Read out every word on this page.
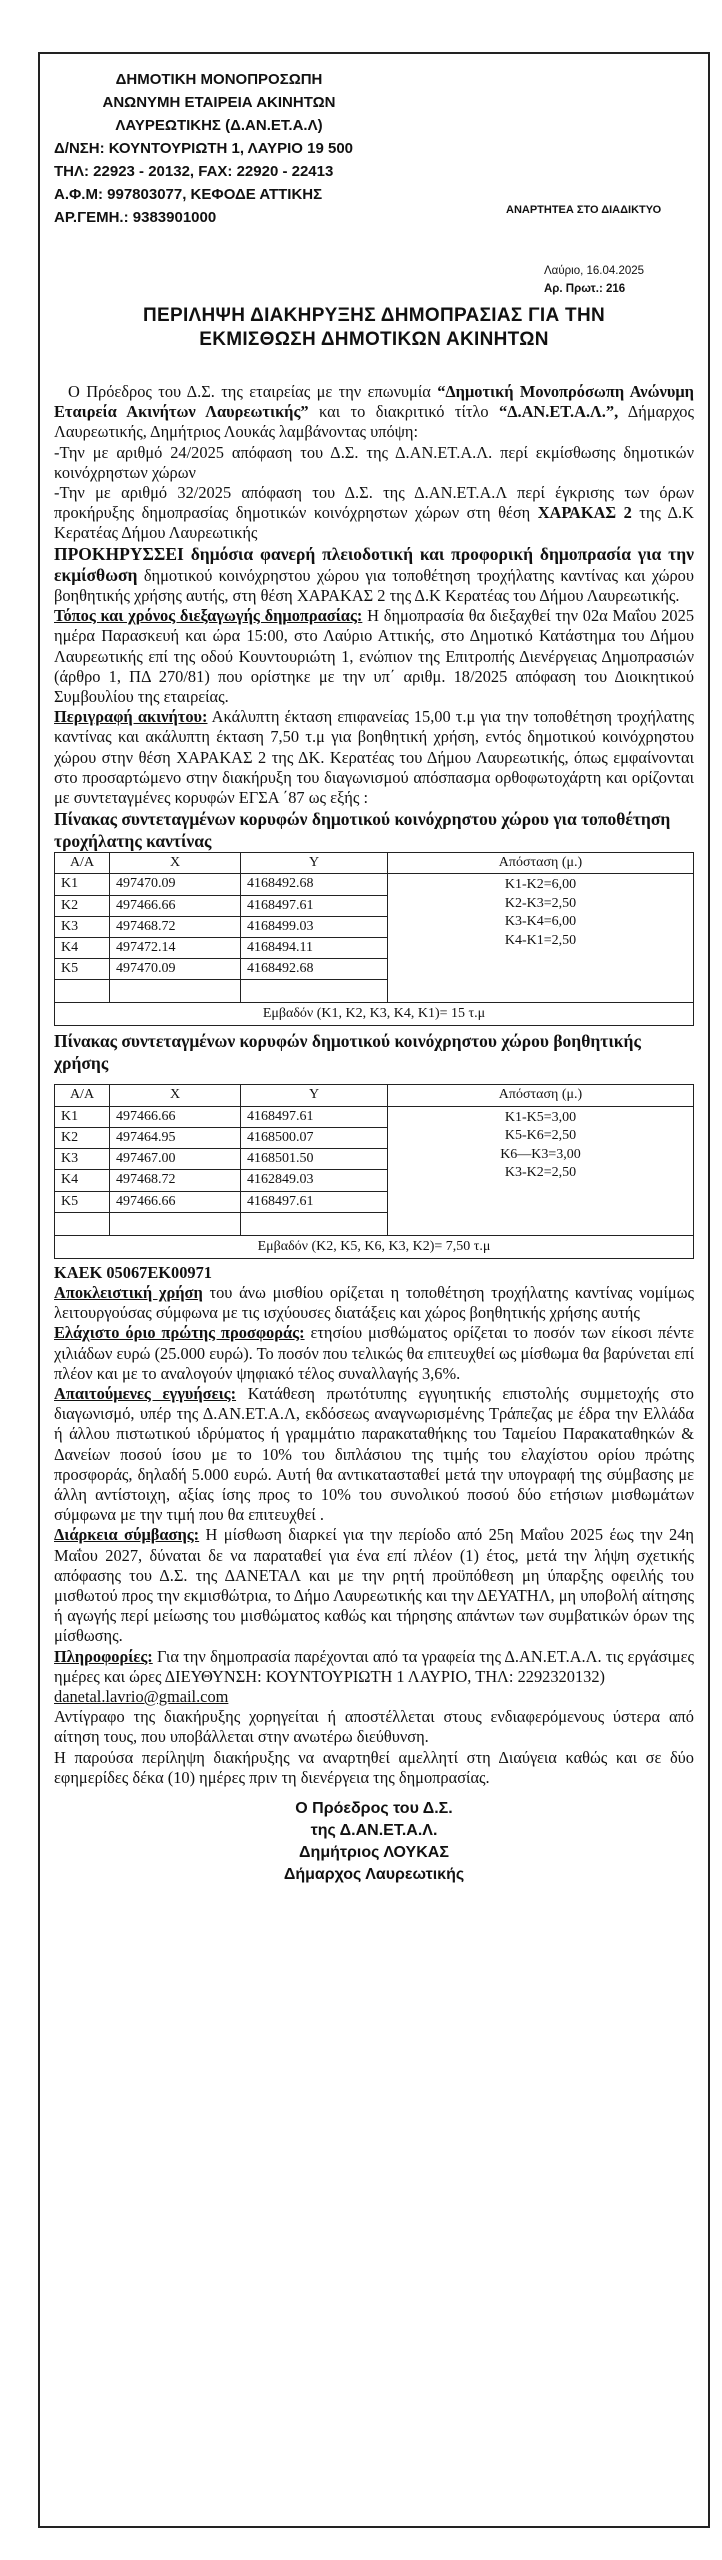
ΔΗΜΟΤΙΚΗ ΜΟΝΟΠΡΟΣΩΠΗ
ΑΝΩΝΥΜΗ ΕΤΑΙΡΕΙΑ ΑΚΙΝΗΤΩΝ
ΛΑΥΡΕΩΤΙΚΗΣ (Δ.ΑΝ.ΕΤ.Α.Λ)
Δ/ΝΣΗ: ΚΟΥΝΤΟΥΡΙΩΤΗ 1, ΛΑΥΡΙΟ 19 500
ΤΗΛ: 22923 - 20132, FAX: 22920 - 22413
Α.Φ.Μ: 997803077, ΚΕΦΟΔΕ ΑΤΤΙΚΗΣ
ΑΡ.ΓΕΜΗ.: 9383901000	ΑΝΑΡΤΗΤΕΑ ΣΤΟ ΔΙΑΔΙΚΤΥΟ
Λαύριο, 16.04.2025
Αρ. Πρωτ.: 216
ΠΕΡΙΛΗΨΗ ΔΙΑΚΗΡΥΞΗΣ ΔΗΜΟΠΡΑΣΙΑΣ ΓΙΑ ΤΗΝ
ΕΚΜΙΣΘΩΣΗ ΔΗΜΟΤΙΚΩΝ ΑΚΙΝΗΤΩΝ

Ο Πρόεδρος του Δ.Σ. της εταιρείας με την επωνυμία “Δημοτική Μονοπρόσωπη Ανώνυμη Εταιρεία Ακινήτων Λαυρεωτικής” και το διακριτικό τίτλο “Δ.ΑΝ.ΕΤ.Α.Λ.”, Δήμαρχος Λαυρεωτικής, Δημήτριος Λουκάς λαμβάνοντας υπόψη:

-Την με αριθμό 24/2025 απόφαση του Δ.Σ. της Δ.ΑΝ.ΕΤ.Α.Λ. περί εκμίσθωσης δημοτικών κοινόχρηστων χώρων

-Την με αριθμό 32/2025 απόφαση του Δ.Σ. της Δ.ΑΝ.ΕΤ.Α.Λ περί έγκρισης των όρων προκήρυξης δημοπρασίας δημοτικών κοινόχρηστων χώρων στη θέση ΧΑΡΑΚΑΣ 2 της Δ.Κ Κερατέας Δήμου Λαυρεωτικής

ΠΡΟΚΗΡΥΣΣΕΙ δημόσια φανερή πλειοδοτική και προφορική δημοπρασία για την εκμίσθωση δημοτικού κοινόχρηστου χώρου για τοποθέτηση τροχήλατης καντίνας και χώρου βοηθητικής χρήσης αυτής, στη θέση ΧΑΡΑΚΑΣ 2 της Δ.Κ Κερατέας του Δήμου Λαυρεωτικής.

Τόπος και χρόνος διεξαγωγής δημοπρασίας: Η δημοπρασία θα διεξαχθεί την 02α Μαΐου 2025 ημέρα Παρασκευή και ώρα 15:00, στο Λαύριο Αττικής, στο Δημοτικό Κατάστημα του Δήμου Λαυρεωτικής επί της οδού Κουντουριώτη 1, ενώπιον της Επιτροπής Διενέργειας Δημοπρασιών (άρθρο 1, ΠΔ 270/81) που ορίστηκε με την υπ΄ αριθμ. 18/2025 απόφαση του Διοικητικού Συμβουλίου της εταιρείας.

Περιγραφή ακινήτου: Ακάλυπτη έκταση επιφανείας 15,00 τ.μ για την τοποθέτηση τροχήλατης καντίνας και ακάλυπτη έκταση 7,50 τ.μ για βοηθητική χρήση, εντός δημοτικού κοινόχρηστου χώρου στην θέση ΧΑΡΑΚΑΣ 2 της ΔΚ. Κερατέας του Δήμου Λαυρεωτικής, όπως εμφαίνονται στο προσαρτώμενο στην διακήρυξη του διαγωνισμού απόσπασμα ορθοφωτοχάρτη και ορίζονται με συντεταγμένες κορυφών ΕΓΣΑ ΄87 ως εξής :

Πίνακας συντεταγμένων κορυφών δημοτικού κοινόχρηστου χώρου για τοποθέτηση τροχήλατης καντίνας

Α/Α	Χ	Υ	Απόσταση (μ.)
Κ1	497470.09	4168492.68	Κ1-Κ2=6,00
Κ2-Κ3=2,50
Κ3-Κ4=6,00
Κ4-Κ1=2,50

Κ2	497466.66	4168497.61	
Κ3	497468.72	4168499.03	
Κ4	497472.14	4168494.11	
Κ5	497470.09	4168492.68	

Εμβαδόν (Κ1, Κ2, Κ3, Κ4, Κ1)= 15 τ.μ			

Πίνακας συντεταγμένων κορυφών δημοτικού κοινόχρηστου χώρου βοηθητικής χρήσης

Α/Α	Χ	Υ	Απόσταση (μ.)
Κ1	497466.66	4168497.61	Κ1-Κ5=3,00
Κ5-Κ6=2,50
Κ6—Κ3=3,00
Κ3-Κ2=2,50

Κ2	497464.95	4168500.07	
Κ3	497467.00	4168501.50	
Κ4	497468.72	4162849.03	
Κ5	497466.66	4168497.61	

Εμβαδόν (Κ2, Κ5, Κ6, Κ3, Κ2)= 7,50 τ.μ			

ΚΑΕΚ 05067ΕΚ00971

Αποκλειστική χρήση του άνω μισθίου ορίζεται η τοποθέτηση τροχήλατης καντίνας νομίμως λειτουργούσας σύμφωνα με τις ισχύουσες διατάξεις και χώρος βοηθητικής χρήσης αυτής

Ελάχιστο όριο πρώτης προσφοράς: ετησίου μισθώματος ορίζεται το ποσόν των είκοσι πέντε χιλιάδων ευρώ (25.000 ευρώ). Το ποσόν που τελικώς θα επιτευχθεί ως μίσθωμα θα βαρύνεται επί πλέον και με το αναλογούν ψηφιακό τέλος συναλλαγής 3,6%.

Απαιτούμενες εγγυήσεις: Κατάθεση πρωτότυπης εγγυητικής επιστολής συμμετοχής στο διαγωνισμό, υπέρ της Δ.ΑΝ.ΕΤ.Α.Λ, εκδόσεως αναγνωρισμένης Τράπεζας με έδρα την Ελλάδα ή άλλου πιστωτικού ιδρύματος ή γραμμάτιο παρακαταθήκης του Ταμείου Παρακαταθηκών & Δανείων ποσού ίσου με το 10% του διπλάσιου της τιμής του ελαχίστου ορίου πρώτης προσφοράς, δηλαδή 5.000 ευρώ. Αυτή θα αντικατασταθεί μετά την υπογραφή της σύμβασης με άλλη αντίστοιχη, αξίας ίσης προς το 10% του συνολικού ποσού δύο ετήσιων μισθωμάτων σύμφωνα με την τιμή που θα επιτευχθεί .

Διάρκεια σύμβασης: Η μίσθωση διαρκεί για την περίοδο από 25η Μαΐου 2025 έως την 24η Μαΐου 2027, δύναται δε να παραταθεί για ένα επί πλέον (1) έτος, μετά την λήψη σχετικής απόφασης του Δ.Σ. της ΔΑΝΕΤΑΛ και με την ρητή προϋπόθεση μη ύπαρξης οφειλής του μισθωτού προς την εκμισθώτρια, το Δήμο Λαυρεωτικής και την ΔΕΥΑΤΗΛ, μη υποβολή αίτησης ή αγωγής περί μείωσης του μισθώματος καθώς και τήρησης απάντων των συμβατικών όρων της μίσθωσης.

Πληροφορίες: Για την δημοπρασία παρέχονται από τα γραφεία της Δ.ΑΝ.ΕΤ.Α.Λ. τις εργάσιμες ημέρες και ώρες ΔΙΕΥΘΥΝΣΗ: ΚΟΥΝΤΟΥΡΙΩΤΗ 1 ΛΑΥΡΙΟ, ΤΗΛ: 2292320132)

danetal.lavrio@gmail.com

Αντίγραφο της διακήρυξης χορηγείται ή αποστέλλεται στους ενδιαφερόμενους ύστερα από αίτηση τους, που υποβάλλεται στην ανωτέρω διεύθυνση.

Η παρούσα περίληψη διακήρυξης να αναρτηθεί αμελλητί στη Διαύγεια καθώς και σε δύο εφημερίδες δέκα (10) ημέρες πριν τη διενέργεια της δημοπρασίας.

Ο Πρόεδρος του Δ.Σ.
της Δ.ΑΝ.ΕΤ.Α.Λ.
Δημήτριος ΛΟΥΚΑΣ
Δήμαρχος Λαυρεωτικής
